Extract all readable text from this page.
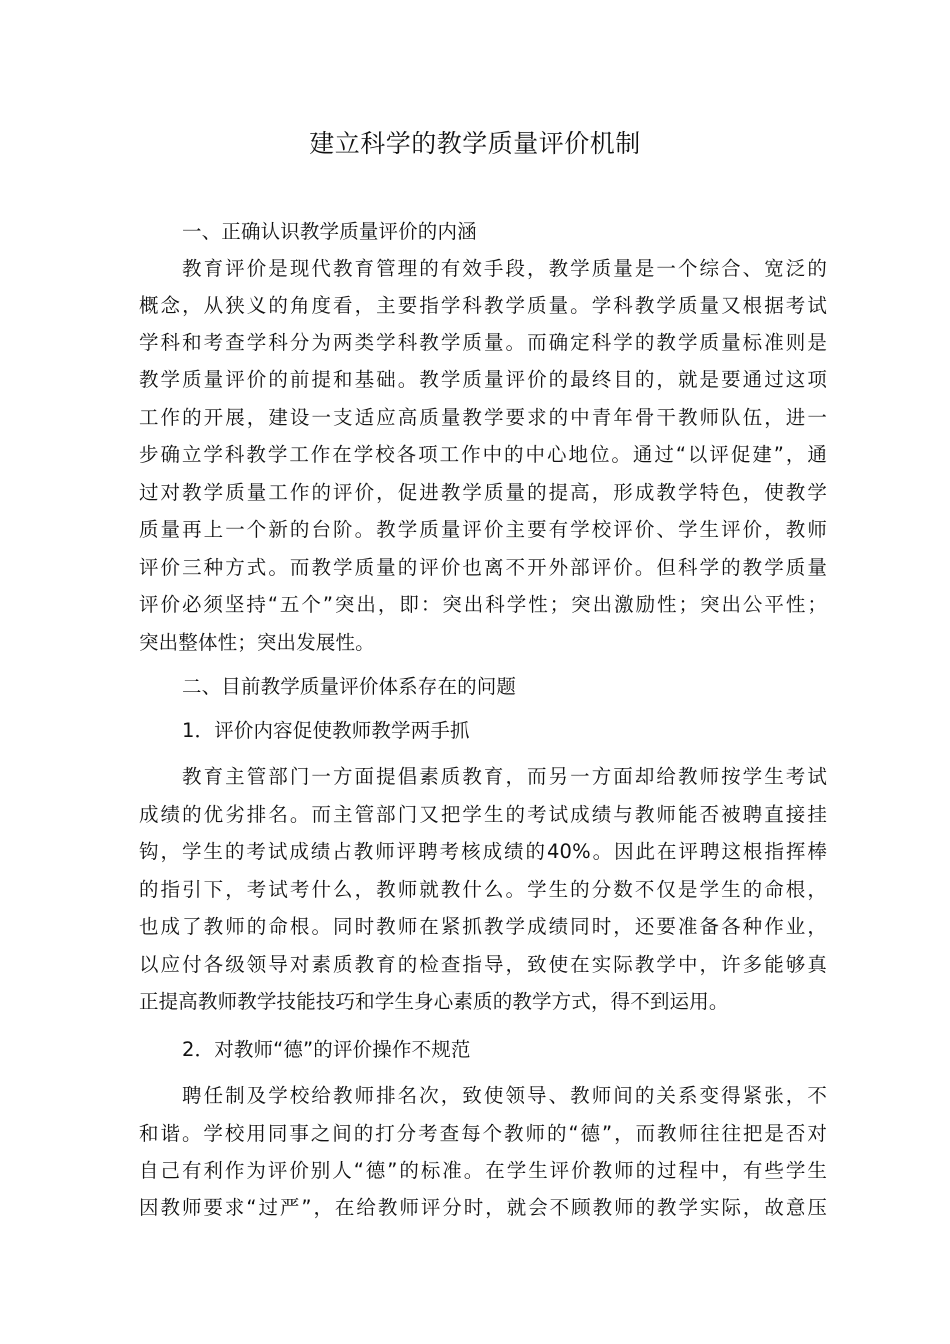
建立科学的教学质量评价机制
一、正确认识教学质量评价的内涵
教育评价是现代教育管理的有效手段，教学质量是一个综合、宽泛的
概念，从狭义的角度看，主要指学科教学质量。学科教学质量又根据考试
学科和考查学科分为两类学科教学质量。而确定科学的教学质量标准则是
教学质量评价的前提和基础。教学质量评价的最终目的，就是要通过这项
工作的开展，建设一支适应高质量教学要求的中青年骨干教师队伍，进一
步确立学科教学工作在学校各项工作中的中心地位。通过“以评促建”，通
过对教学质量工作的评价，促进教学质量的提高，形成教学特色，使教学
质量再上一个新的台阶。教学质量评价主要有学校评价、学生评价，教师
评价三种方式。而教学质量的评价也离不开外部评价。但科学的教学质量
评价必须坚持“五个”突出，即：突出科学性；突出激励性；突出公平性；
突出整体性；突出发展性。
二、目前教学质量评价体系存在的问题
1．评价内容促使教师教学两手抓
教育主管部门一方面提倡素质教育，而另一方面却给教师按学生考试
成绩的优劣排名。而主管部门又把学生的考试成绩与教师能否被聘直接挂
钩，学生的考试成绩占教师评聘考核成绩的40%。因此在评聘这根指挥棒
的指引下，考试考什么，教师就教什么。学生的分数不仅是学生的命根，
也成了教师的命根。同时教师在紧抓教学成绩同时，还要准备各种作业，
以应付各级领导对素质教育的检查指导，致使在实际教学中，许多能够真
正提高教师教学技能技巧和学生身心素质的教学方式，得不到运用。
2．对教师“德”的评价操作不规范
聘任制及学校给教师排名次，致使领导、教师间的关系变得紧张，不
和谐。学校用同事之间的打分考查每个教师的“德”，而教师往往把是否对
自己有利作为评价别人“德”的标准。在学生评价教师的过程中，有些学生
因教师要求“过严”，在给教师评分时，就会不顾教师的教学实际，故意压
